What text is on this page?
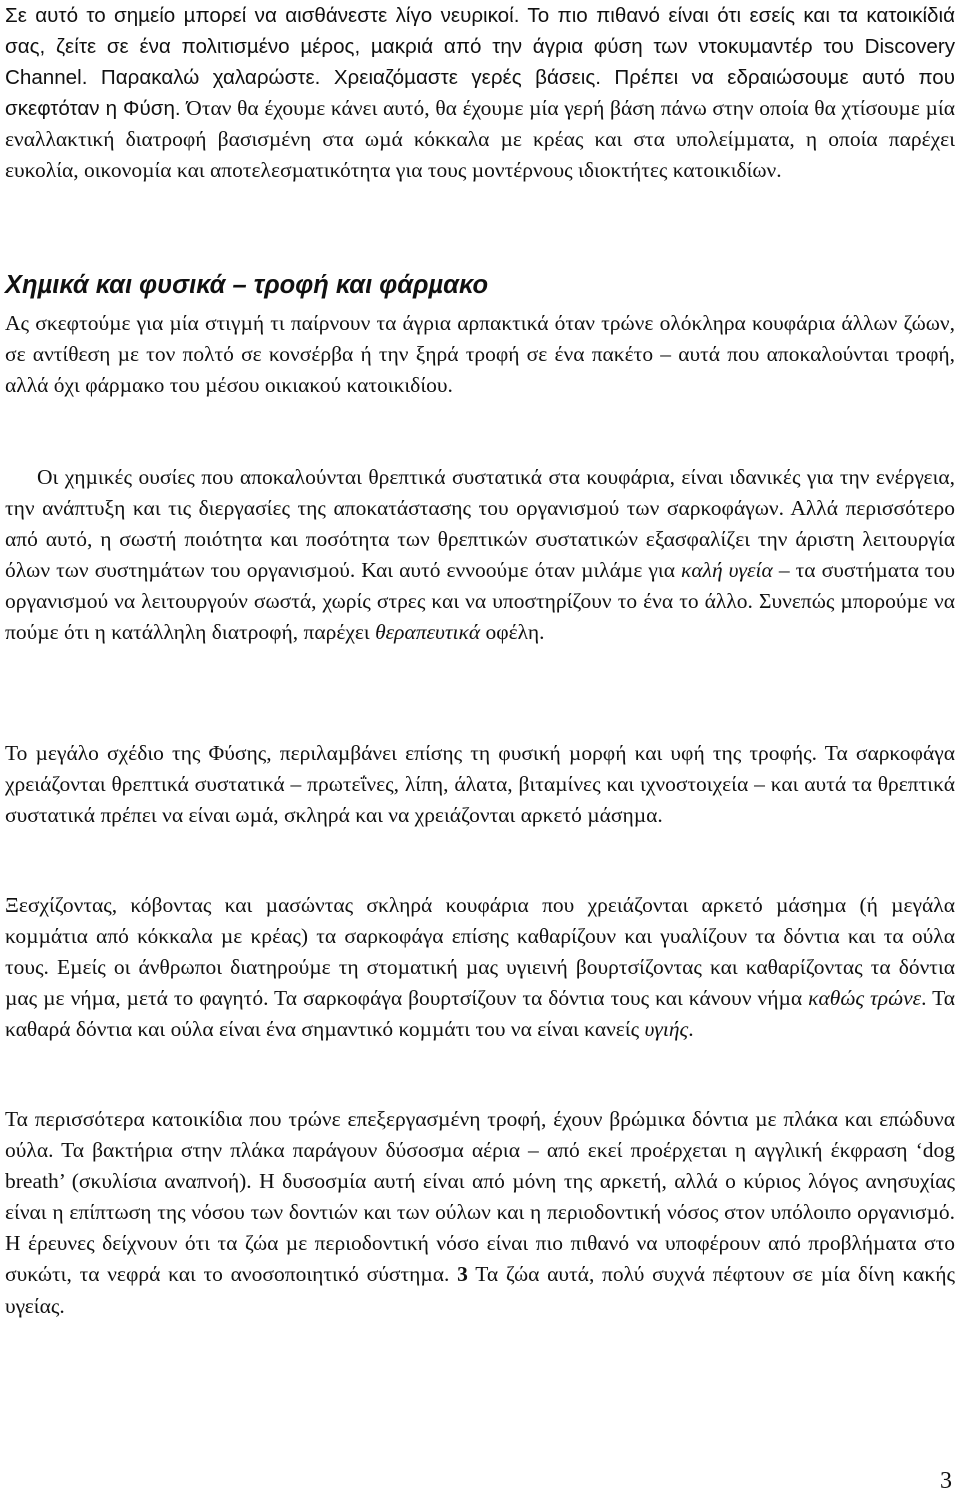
Σε αυτό το σηµείο µπορεί να αισθάνεστε λίγο νευρικοί. Το πιο πιθανό είναι ότι εσείς και τα κατοικίδιά σας, ζείτε σε ένα πολιτισµένο µέρος, µακριά από την άγρια φύση των ντοκυµαντέρ του Discovery Channel. Παρακαλώ χαλαρώστε. Χρειαζόµαστε γερές βάσεις. Πρέπει να εδραιώσουµε αυτό που σκεφτόταν η Φύση. Όταν θα έχουµε κάνει αυτό, θα έχουµε µία γερή βάση πάνω στην οποία θα χτίσουµε µία εναλλακτική διατροφή βασισµένη στα ωµά κόκκαλα µε κρέας και στα υπολείµµατα, η οποία παρέχει ευκολία, οικονοµία και αποτελεσµατικότητα για τους µοντέρνους ιδιοκτήτες κατοικιδίων.

Χηµικά και φυσικά – τροφή και φάρµακο

Ας σκεφτούµε για µία στιγµή τι παίρνουν τα άγρια αρπακτικά όταν τρώνε ολόκληρα κουφάρια άλλων ζώων, σε αντίθεση µε τον πολτό σε κονσέρβα ή την ξηρά τροφή σε ένα πακέτο – αυτά που αποκαλούνται τροφή, αλλά όχι φάρµακο του µέσου οικιακού κατοικιδίου.

Οι χηµικές ουσίες που αποκαλούνται θρεπτικά συστατικά στα κουφάρια, είναι ιδανικές για την ενέργεια, την ανάπτυξη και τις διεργασίες της αποκατάστασης του οργανισµού των σαρκοφάγων. Αλλά περισσότερο από αυτό, η σωστή ποιότητα και ποσότητα των θρεπτικών συστατικών εξασφαλίζει την άριστη λειτουργία όλων των συστηµάτων του οργανισµού. Και αυτό εννοούµε όταν µιλάµε για καλή υγεία – τα συστήµατα του οργανισµού να λειτουργούν σωστά, χωρίς στρες και να υποστηρίζουν το ένα το άλλο. Συνεπώς µπορούµε να πούµε ότι η κατάλληλη διατροφή, παρέχει θεραπευτικά οφέλη.

Το µεγάλο σχέδιο της Φύσης, περιλαµβάνει επίσης τη φυσική µορφή και υφή της τροφής. Τα σαρκοφάγα χρειάζονται θρεπτικά συστατικά – πρωτεΐνες, λίπη, άλατα, βιταµίνες και ιχνοστοιχεία – και αυτά τα θρεπτικά συστατικά πρέπει να είναι ωµά, σκληρά και να χρειάζονται αρκετό µάσηµα.

Ξεσχίζοντας, κόβοντας και µασώντας σκληρά κουφάρια που χρειάζονται αρκετό µάσηµα (ή µεγάλα κοµµάτια από κόκκαλα µε κρέας) τα σαρκοφάγα επίσης καθαρίζουν και γυαλίζουν τα δόντια και τα ούλα τους. Εµείς οι άνθρωποι διατηρούµε τη στοµατική µας υγιεινή βουρτσίζοντας και καθαρίζοντας τα δόντια µας µε νήµα, µετά το φαγητό. Τα σαρκοφάγα βουρτσίζουν τα δόντια τους και κάνουν νήµα καθώς τρώνε. Τα καθαρά δόντια και ούλα είναι ένα σηµαντικό κοµµάτι του να είναι κανείς υγιής.

Τα περισσότερα κατοικίδια που τρώνε επεξεργασµένη τροφή, έχουν βρώµικα δόντια µε πλάκα και επώδυνα ούλα. Τα βακτήρια στην πλάκα παράγουν δύσοσµα αέρια – από εκεί προέρχεται η αγγλική έκφραση ‘dog breath’ (σκυλίσια αναπνοή). Η δυσοσµία αυτή είναι από µόνη της αρκετή, αλλά ο κύριος λόγος ανησυχίας είναι η επίπτωση της νόσου των δοντιών και των ούλων και η περιοδοντική νόσος στον υπόλοιπο οργανισµό. Η έρευνες δείχνουν ότι τα ζώα µε περιοδοντική νόσο είναι πιο πιθανό να υποφέρουν από προβλήµατα στο συκώτι, τα νεφρά και το ανοσοποιητικό σύστηµα. 3 Τα ζώα αυτά, πολύ συχνά πέφτουν σε µία δίνη κακής υγείας.

3
